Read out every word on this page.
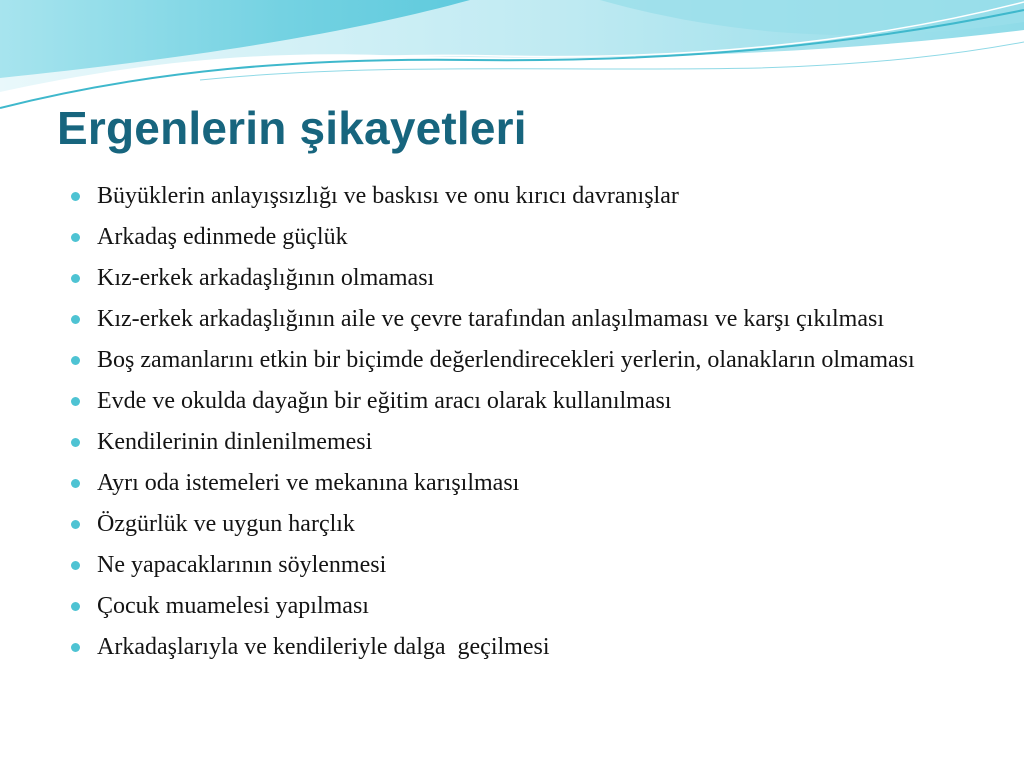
Ergenlerin şikayetleri
Büyüklerin anlayışsızlığı ve baskısı ve onu kırıcı davranışlar
Arkadaş edinmede güçlük
Kız-erkek arkadaşlığının olmaması
Kız-erkek arkadaşlığının aile ve çevre tarafından anlaşılmaması ve karşı çıkılması
Boş zamanlarını etkin bir biçimde değerlendirecekleri yerlerin, olanakların olmaması
Evde ve okulda dayağın bir eğitim aracı olarak kullanılması
Kendilerinin dinlenilmemesi
Ayrı oda istemeleri ve mekanına karışılması
Özgürlük ve uygun harçlık
Ne yapacaklarının söylenmesi
Çocuk muamelesi yapılması
Arkadaşlarıyla ve kendileriyle dalga  geçilmesi
